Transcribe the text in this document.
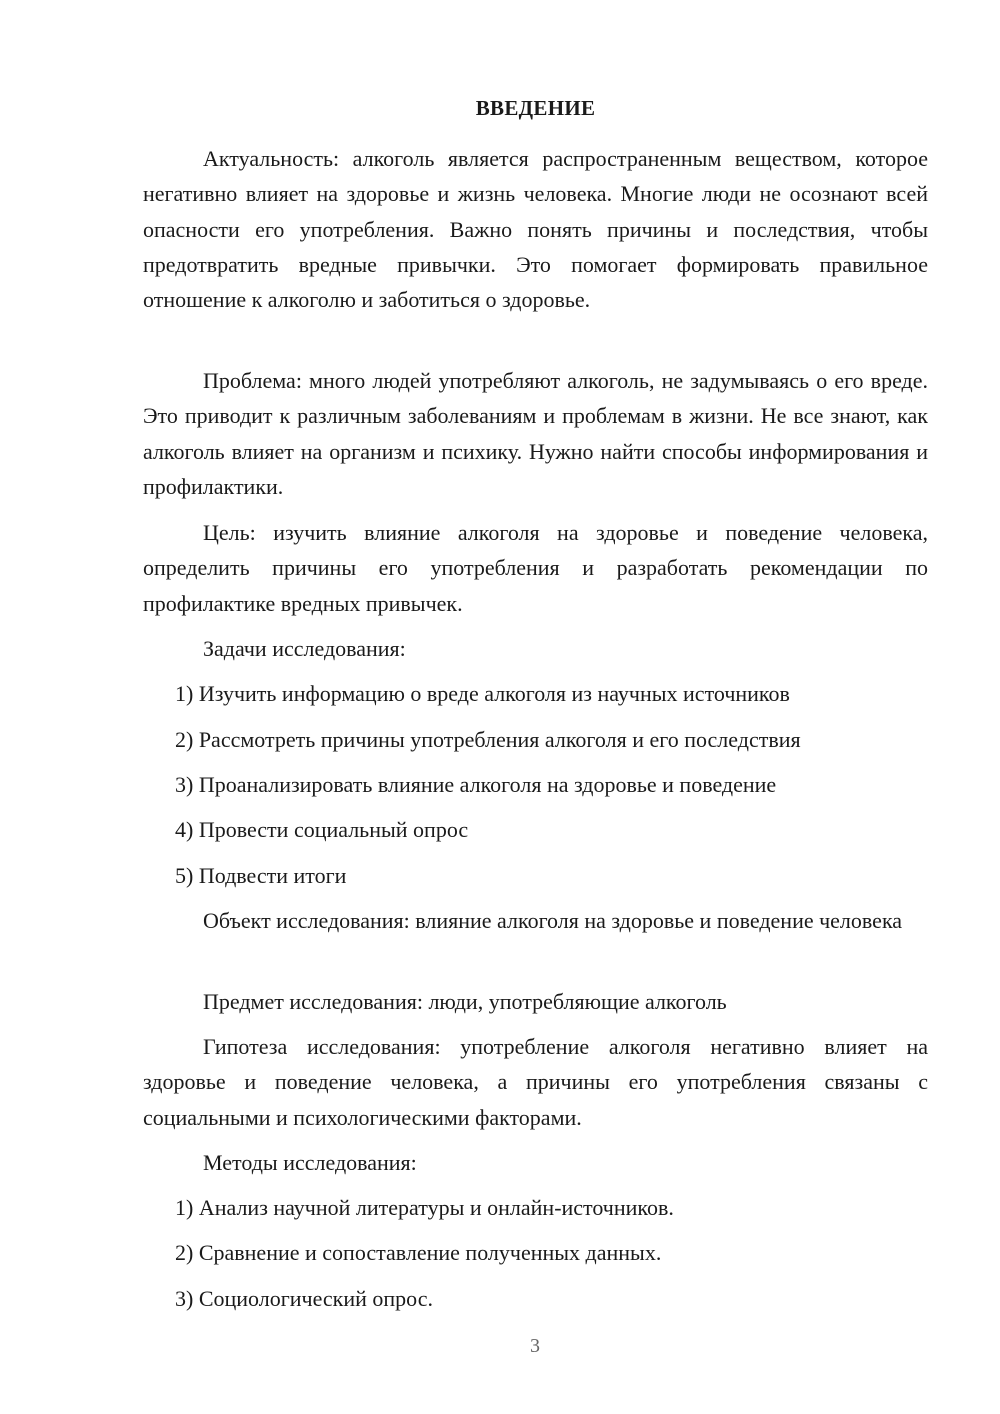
ВВЕДЕНИЕ

Актуальность: алкоголь является распространенным веществом, которое негативно влияет на здоровье и жизнь человека. Многие люди не осознают всей опасности его употребления. Важно понять причины и последствия, чтобы предотвратить вредные привычки. Это помогает формировать правильное отношение к алкоголю и заботиться о здоровье.

Проблема: много людей употребляют алкоголь, не задумываясь о его вреде. Это приводит к различным заболеваниям и проблемам в жизни. Не все знают, как алкоголь влияет на организм и психику. Нужно найти способы информирования и профилактики.

Цель: изучить влияние алкоголя на здоровье и поведение человека, определить причины его употребления и разработать рекомендации по профилактике вредных привычек.

Задачи исследования:

1) Изучить информацию о вреде алкоголя из научных источников

2) Рассмотреть причины употребления алкоголя и его последствия

3) Проанализировать влияние алкоголя на здоровье и поведение

4) Провести социальный опрос

5) Подвести итоги

Объект исследования: влияние алкоголя на здоровье и поведение человека

Предмет исследования: люди, употребляющие алкоголь

Гипотеза исследования: употребление алкоголя негативно влияет на здоровье и поведение человека, а причины его употребления связаны с социальными и психологическими факторами.

Методы исследования:

1) Анализ научной литературы и онлайн-источников.

2) Сравнение и сопоставление полученных данных.

3) Социологический опрос.

3
